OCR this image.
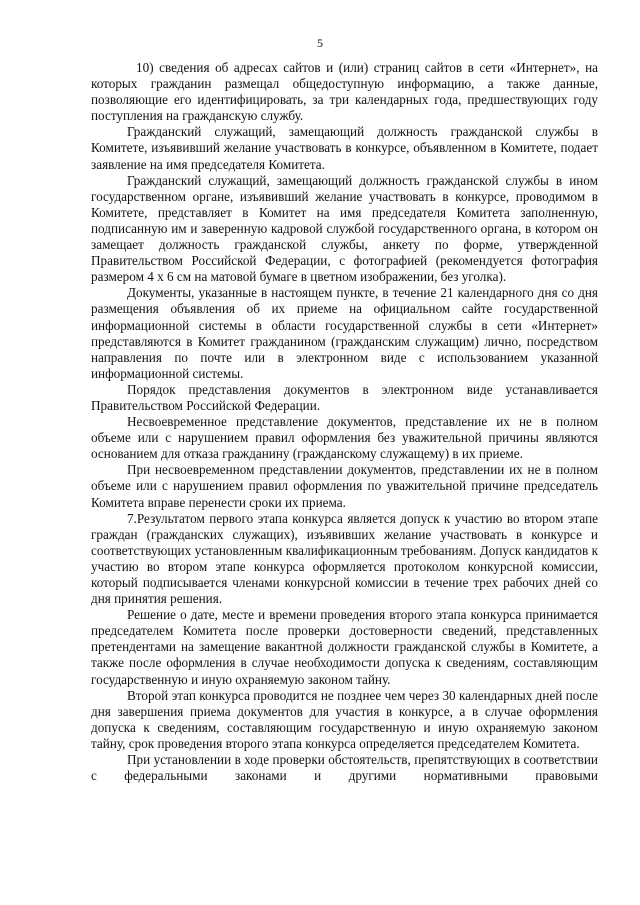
5

10) сведения об адресах сайтов и (или) страниц сайтов в сети «Интернет», на которых гражданин размещал общедоступную информацию, а также данные, позволяющие его идентифицировать, за три календарных года, предшествующих году поступления на гражданскую службу.

Гражданский служащий, замещающий должность гражданской службы в Комитете, изъявивший желание участвовать в конкурсе, объявленном в Комитете, подает заявление на имя председателя Комитета.

Гражданский служащий, замещающий должность гражданской службы в ином государственном органе, изъявивший желание участвовать в конкурсе, проводимом в Комитете, представляет в Комитет на имя председателя Комитета заполненную, подписанную им и заверенную кадровой службой государственного органа, в котором он замещает должность гражданской службы, анкету по форме, утвержденной Правительством Российской Федерации, с фотографией (рекомендуется фотография размером 4 х 6 см на матовой бумаге в цветном изображении, без уголка).

Документы, указанные в настоящем пункте, в течение 21 календарного дня со дня размещения объявления об их приеме на официальном сайте государственной информационной системы в области государственной службы в сети «Интернет» представляются в Комитет гражданином (гражданским служащим) лично, посредством направления по почте или в электронном виде с использованием указанной информационной системы.

Порядок представления документов в электронном виде устанавливается Правительством Российской Федерации.

Несвоевременное представление документов, представление их не в полном объеме или с нарушением правил оформления без уважительной причины являются основанием для отказа гражданину (гражданскому служащему) в их приеме.

При несвоевременном представлении документов, представлении их не в полном объеме или с нарушением правил оформления по уважительной причине председатель Комитета вправе перенести сроки их приема.

7.Результатом первого этапа конкурса является допуск к участию во втором этапе граждан (гражданских служащих), изъявивших желание участвовать в конкурсе и соответствующих установленным квалификационным требованиям. Допуск кандидатов к участию во втором этапе конкурса оформляется протоколом конкурсной комиссии, который подписывается членами конкурсной комиссии в течение трех рабочих дней со дня принятия решения.

Решение о дате, месте и времени проведения второго этапа конкурса принимается председателем Комитета после проверки достоверности сведений, представленных претендентами на замещение вакантной должности гражданской службы в Комитете, а также после оформления в случае необходимости допуска к сведениям, составляющим государственную и иную охраняемую законом тайну.

Второй этап конкурса проводится не позднее чем через 30 календарных дней после дня завершения приема документов для участия в конкурсе, а в случае оформления допуска к сведениям, составляющим государственную и иную охраняемую законом тайну, срок проведения второго этапа конкурса определяется председателем Комитета.

При установлении в ходе проверки обстоятельств, препятствующих в соответствии с федеральными законами и другими нормативными правовыми
